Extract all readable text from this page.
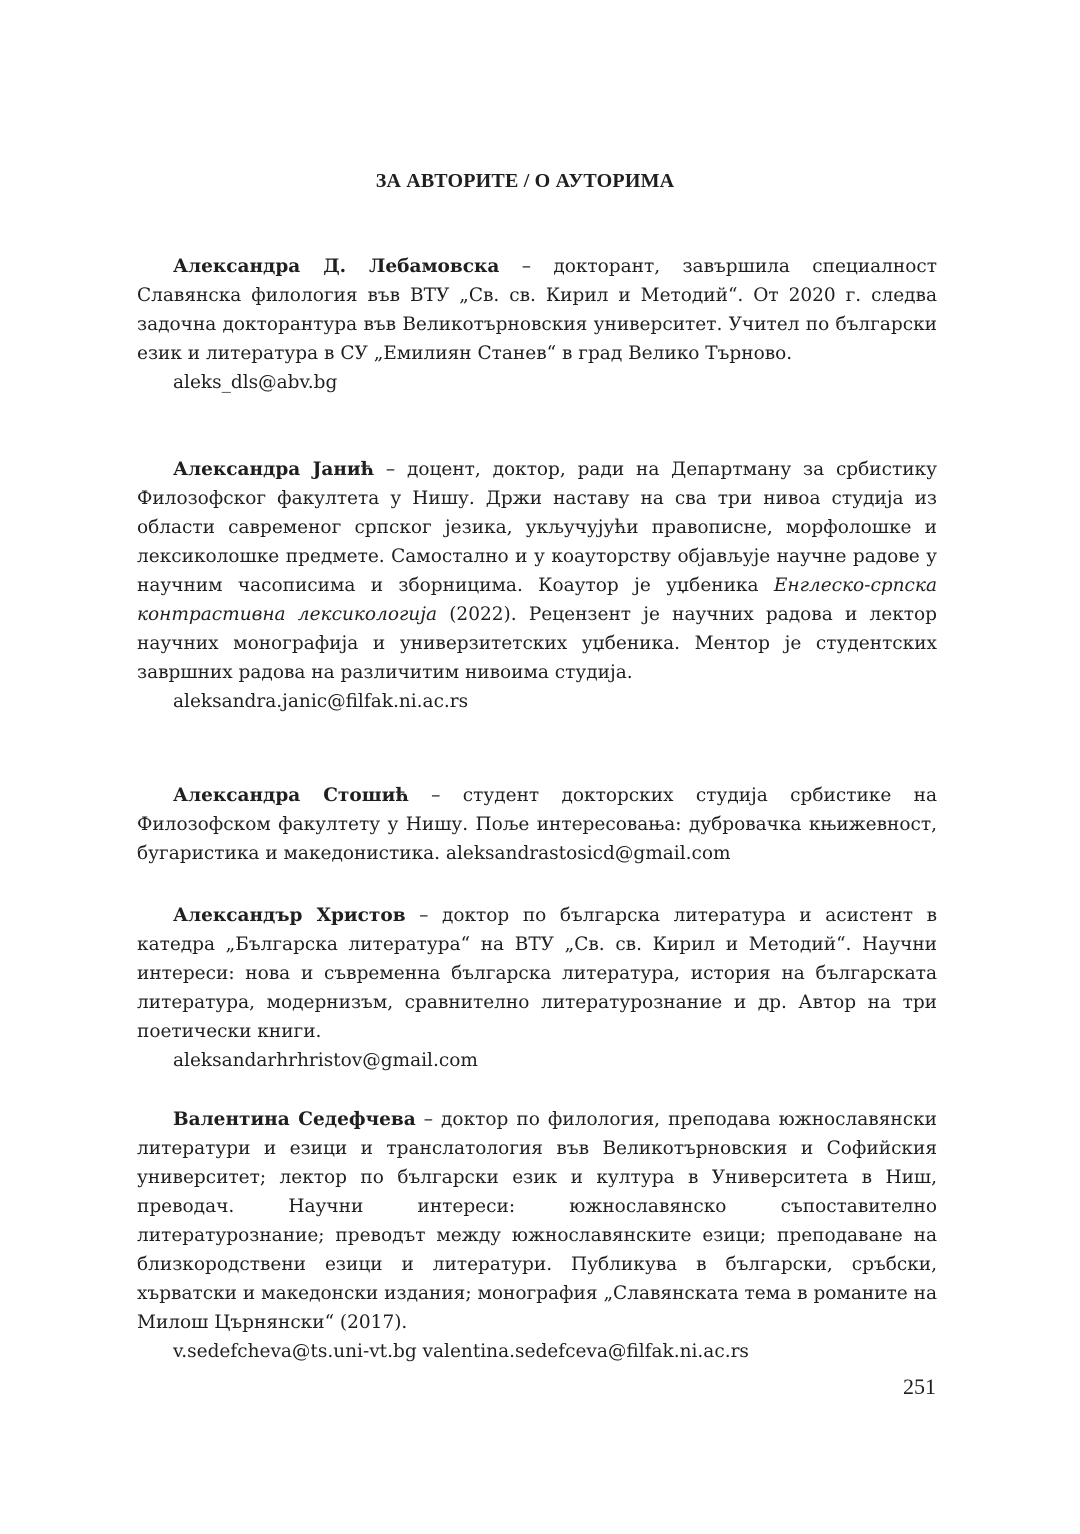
ЗА АВТОРИТЕ / О АУТОРИМА

Александра Д. Лебамовска – докторант, завършила специалност Славянска филология във ВТУ „Св. св. Кирил и Методий“. От 2020 г. следва задочна докторантура във Великотърновския университет. Учител по български език и литература в СУ „Емилиян Станев“ в град Велико Търново.

aleks_dls@abv.bg

Александра Јанић – доцент, доктор, ради на Департману за србистику Филозофског факултета у Нишу. Држи наставу на сва три нивоа студија из области савременог српског језика, укључујући правописне, морфолошке и лексиколошке предмете. Самостално и у коауторству објављује научне радове у научним часописима и зборницима. Коаутор је уџбеника Енглеско-српска контрастивна лексикологија (2022). Рецензент је научних радова и лектор научних монографија и универзитетских уџбеника. Ментор је студентских завршних радова на различитим нивоима студија.

aleksandra.janic@filfak.ni.ac.rs

Александра Стошић – студент докторских студија србистике на Филозофском факултету у Нишу. Поље интересовања: дубровачка књижевност, бугаристика и македонистика. aleksandrastosicd@gmail.com

Александър Христов – доктор по българска литература и асистент в катедра „Българска литература“ на ВТУ „Св. св. Кирил и Методий“. Научни интереси: нова и съвременна българска литература, история на българската литература, модернизъм, сравнително литературознание и др. Автор на три поетически книги.

aleksandarhrhristov@gmail.com

Валентина Седефчева – доктор по филология, преподава южнославянски литератури и езици и транслатология във Великотърновския и Софийския университет; лектор по български език и култура в Университета в Ниш, преводач. Научни интереси: южнославянско съпоставително литературознание; преводът между южнославянските езици; преподаване на близкородствени езици и литератури. Публикува в български, сръбски, хърватски и македонски издания; монография „Славянската тема в романите на Милош Църнянски“ (2017).

v.sedefcheva@ts.uni-vt.bg valentina.sedefceva@filfak.ni.ac.rs
251
